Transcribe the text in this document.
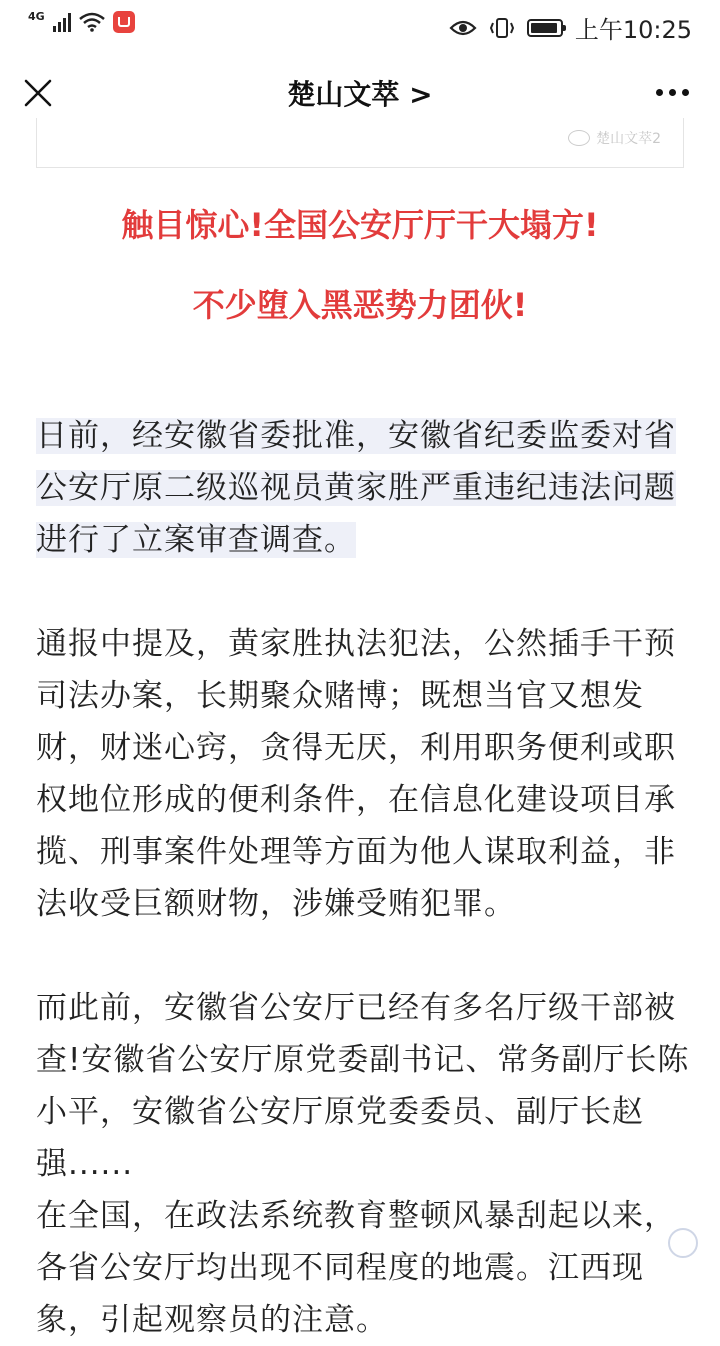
4G	上午10:25
楚山文萃 >
楚山文萃2
触目惊心!全国公安厅厅干大塌方!
不少堕入黑恶势力团伙!

日前，经安徽省委批准，安徽省纪委监委对省公安厅原二级巡视员黄家胜严重违纪违法问题进行了立案审查调查。

通报中提及，黄家胜执法犯法，公然插手干预司法办案，长期聚众赌博；既想当官又想发财，财迷心窍，贪得无厌，利用职务便利或职权地位形成的便利条件，在信息化建设项目承揽、刑事案件处理等方面为他人谋取利益，非法收受巨额财物，涉嫌受贿犯罪。

而此前，安徽省公安厅已经有多名厅级干部被查!安徽省公安厅原党委副书记、常务副厅长陈小平，安徽省公安厅原党委委员、副厅长赵强......

在全国，在政法系统教育整顿风暴刮起以来，各省公安厅均出现不同程度的地震。江西现象，引起观察员的注意。
